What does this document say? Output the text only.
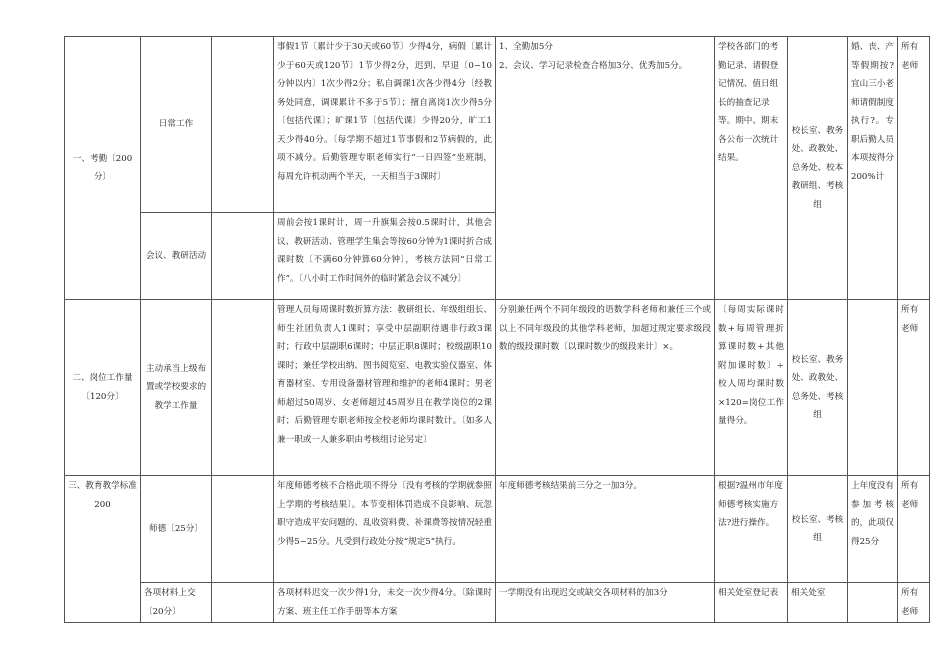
一、考勤〔200分〕	日常工作		事假1节〔累计少于30天或60节〕少得4分，病假〔累计少于60天或120节〕1节少得2分，迟到、早退〔0~10分钟以内〕1次少得2分；私自调课1次各少得4分〔经教务处同意，调课累计不多于5节〕；擅自离岗1次少得5分〔包括代课〕；旷课1节〔包括代课〕少得20分，旷工1天少得40分。〔每学期不超过1节事假和2节病假的，此项不减分。后勤管理专职老师实行“一日四签”坐班制，每周允许机动两个半天，一天相当于3课时〕	1、全勤加5分
2、会议、学习记录检查合格加3分、优秀加5分。	学校各部门的考勤记录、请假登记情况、值日组长的抽查记录等。期中、期末各公布一次统计结果。	校长室、教务处、政教处、总务处、校本教研组、考核组	婚、丧、产等假期按?宜山三小老师请假制度执行?。专职后勤人员本项按得分200%计	所有老师
	会议、教研活动		周前会按1课时计，周一升旗集会按0.5课时计，其他会议、教研活动、管理学生集会等按60分钟为1课时折合成课时数〔不满60分钟算60分钟〕，考核方法同“日常工作”。〔八小时工作时间外的临时紧急会议不减分〕					
二、岗位工作量〔120分〕	主动承当上级布置或学校要求的教学工作量		管理人员每周课时数折算方法：教研组长、年级组组长、师生社团负责人1课时；享受中层副职待遇非行政3课时；行政中层副职6课时；中层正职8课时；校级副职10课时；兼任学校出纳、图书阅览室、电教实验仪器室、体育器材室、专用设备器材管理和维护的老师4课时；男老师超过50周岁、女老师超过45周岁且在教学岗位的2课时；后勤管理专职老师按全校老师均课时数计。〔如多人兼一职或一人兼多职由考核组讨论另定〕	分别兼任两个不同年级段的语数学科老师和兼任三个或以上不同年级段的其他学科老师，加超过规定要求级段数的级段课时数〔以课时数少的级段来计〕×。	〔每周实际课时数+每周管理折算课时数+其他附加课时数〕÷校人周均课时数×120=岗位工作量得分。	校长室、教务处、政教处、总务处、考核组		所有老师
三、教育教学标准
200	师德〔25分〕		年度师德考核不合格此项不得分〔没有考核的学期就参照上学期的考核结果〕。本节变相体罚造成不良影响、玩忽职守造成平安问题的、乱收资料费、补课费等按情况轻重少得5~25分。凡受到行政处分按“规定5”执行。	年度师德考核结果前三分之一加3分。	根据?温州市年度师德考核实施方法?进行操作。	校长室、考核组	上年度没有参加考核的，此项仅得25分	所有老师
	各项材料上交〔20分〕		各项材料迟交一次少得1分，未交一次少得4分。〔除课时方案、班主任工作手册等本方案	一学期没有出现迟交或缺交各项材料的加3分	相关处室登记表	相关处室		所有老师
